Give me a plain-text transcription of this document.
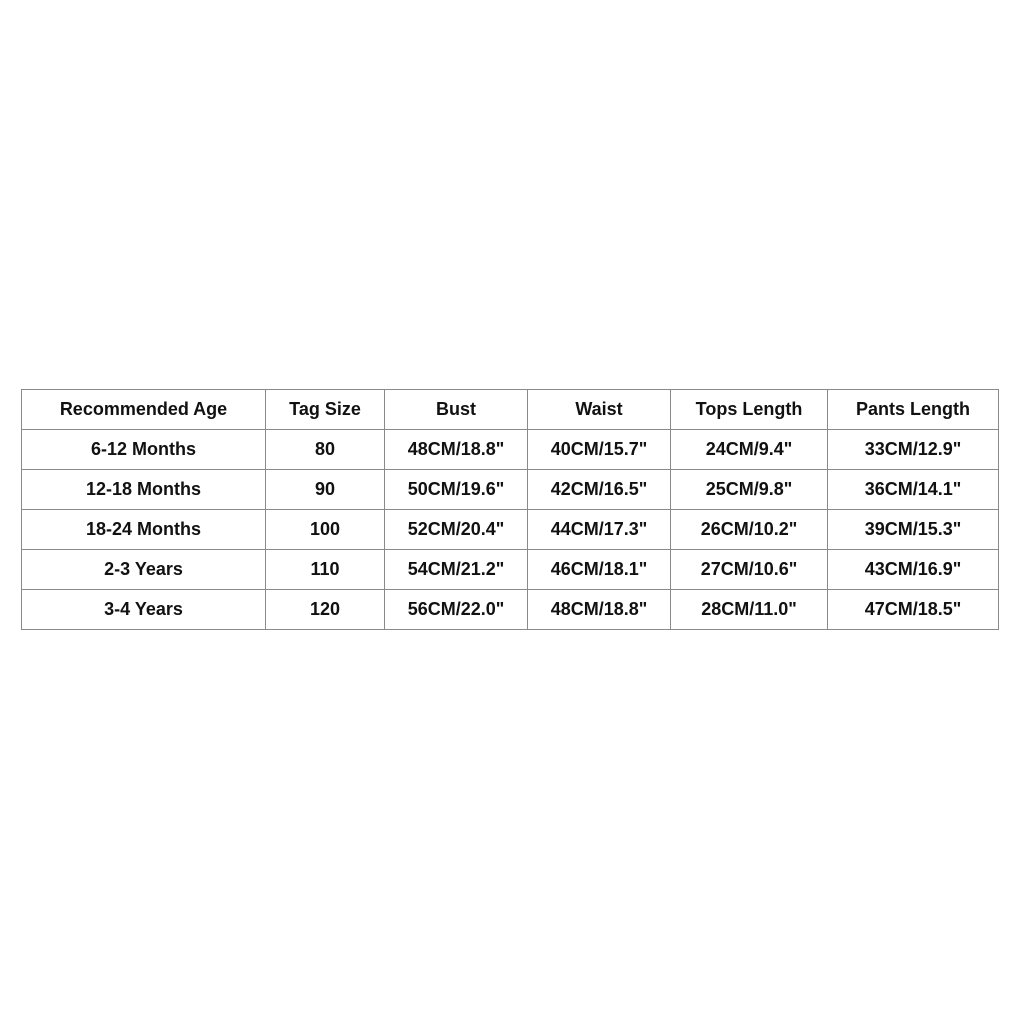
Recommended Age	Tag Size	Bust	Waist	Tops Length	Pants Length
6-12 Months	80	48CM/18.8"	40CM/15.7"	24CM/9.4"	33CM/12.9"
12-18 Months	90	50CM/19.6"	42CM/16.5"	25CM/9.8"	36CM/14.1"
18-24 Months	100	52CM/20.4"	44CM/17.3"	26CM/10.2"	39CM/15.3"
2-3 Years	110	54CM/21.2"	46CM/18.1"	27CM/10.6"	43CM/16.9"
3-4 Years	120	56CM/22.0"	48CM/18.8"	28CM/11.0"	47CM/18.5"
